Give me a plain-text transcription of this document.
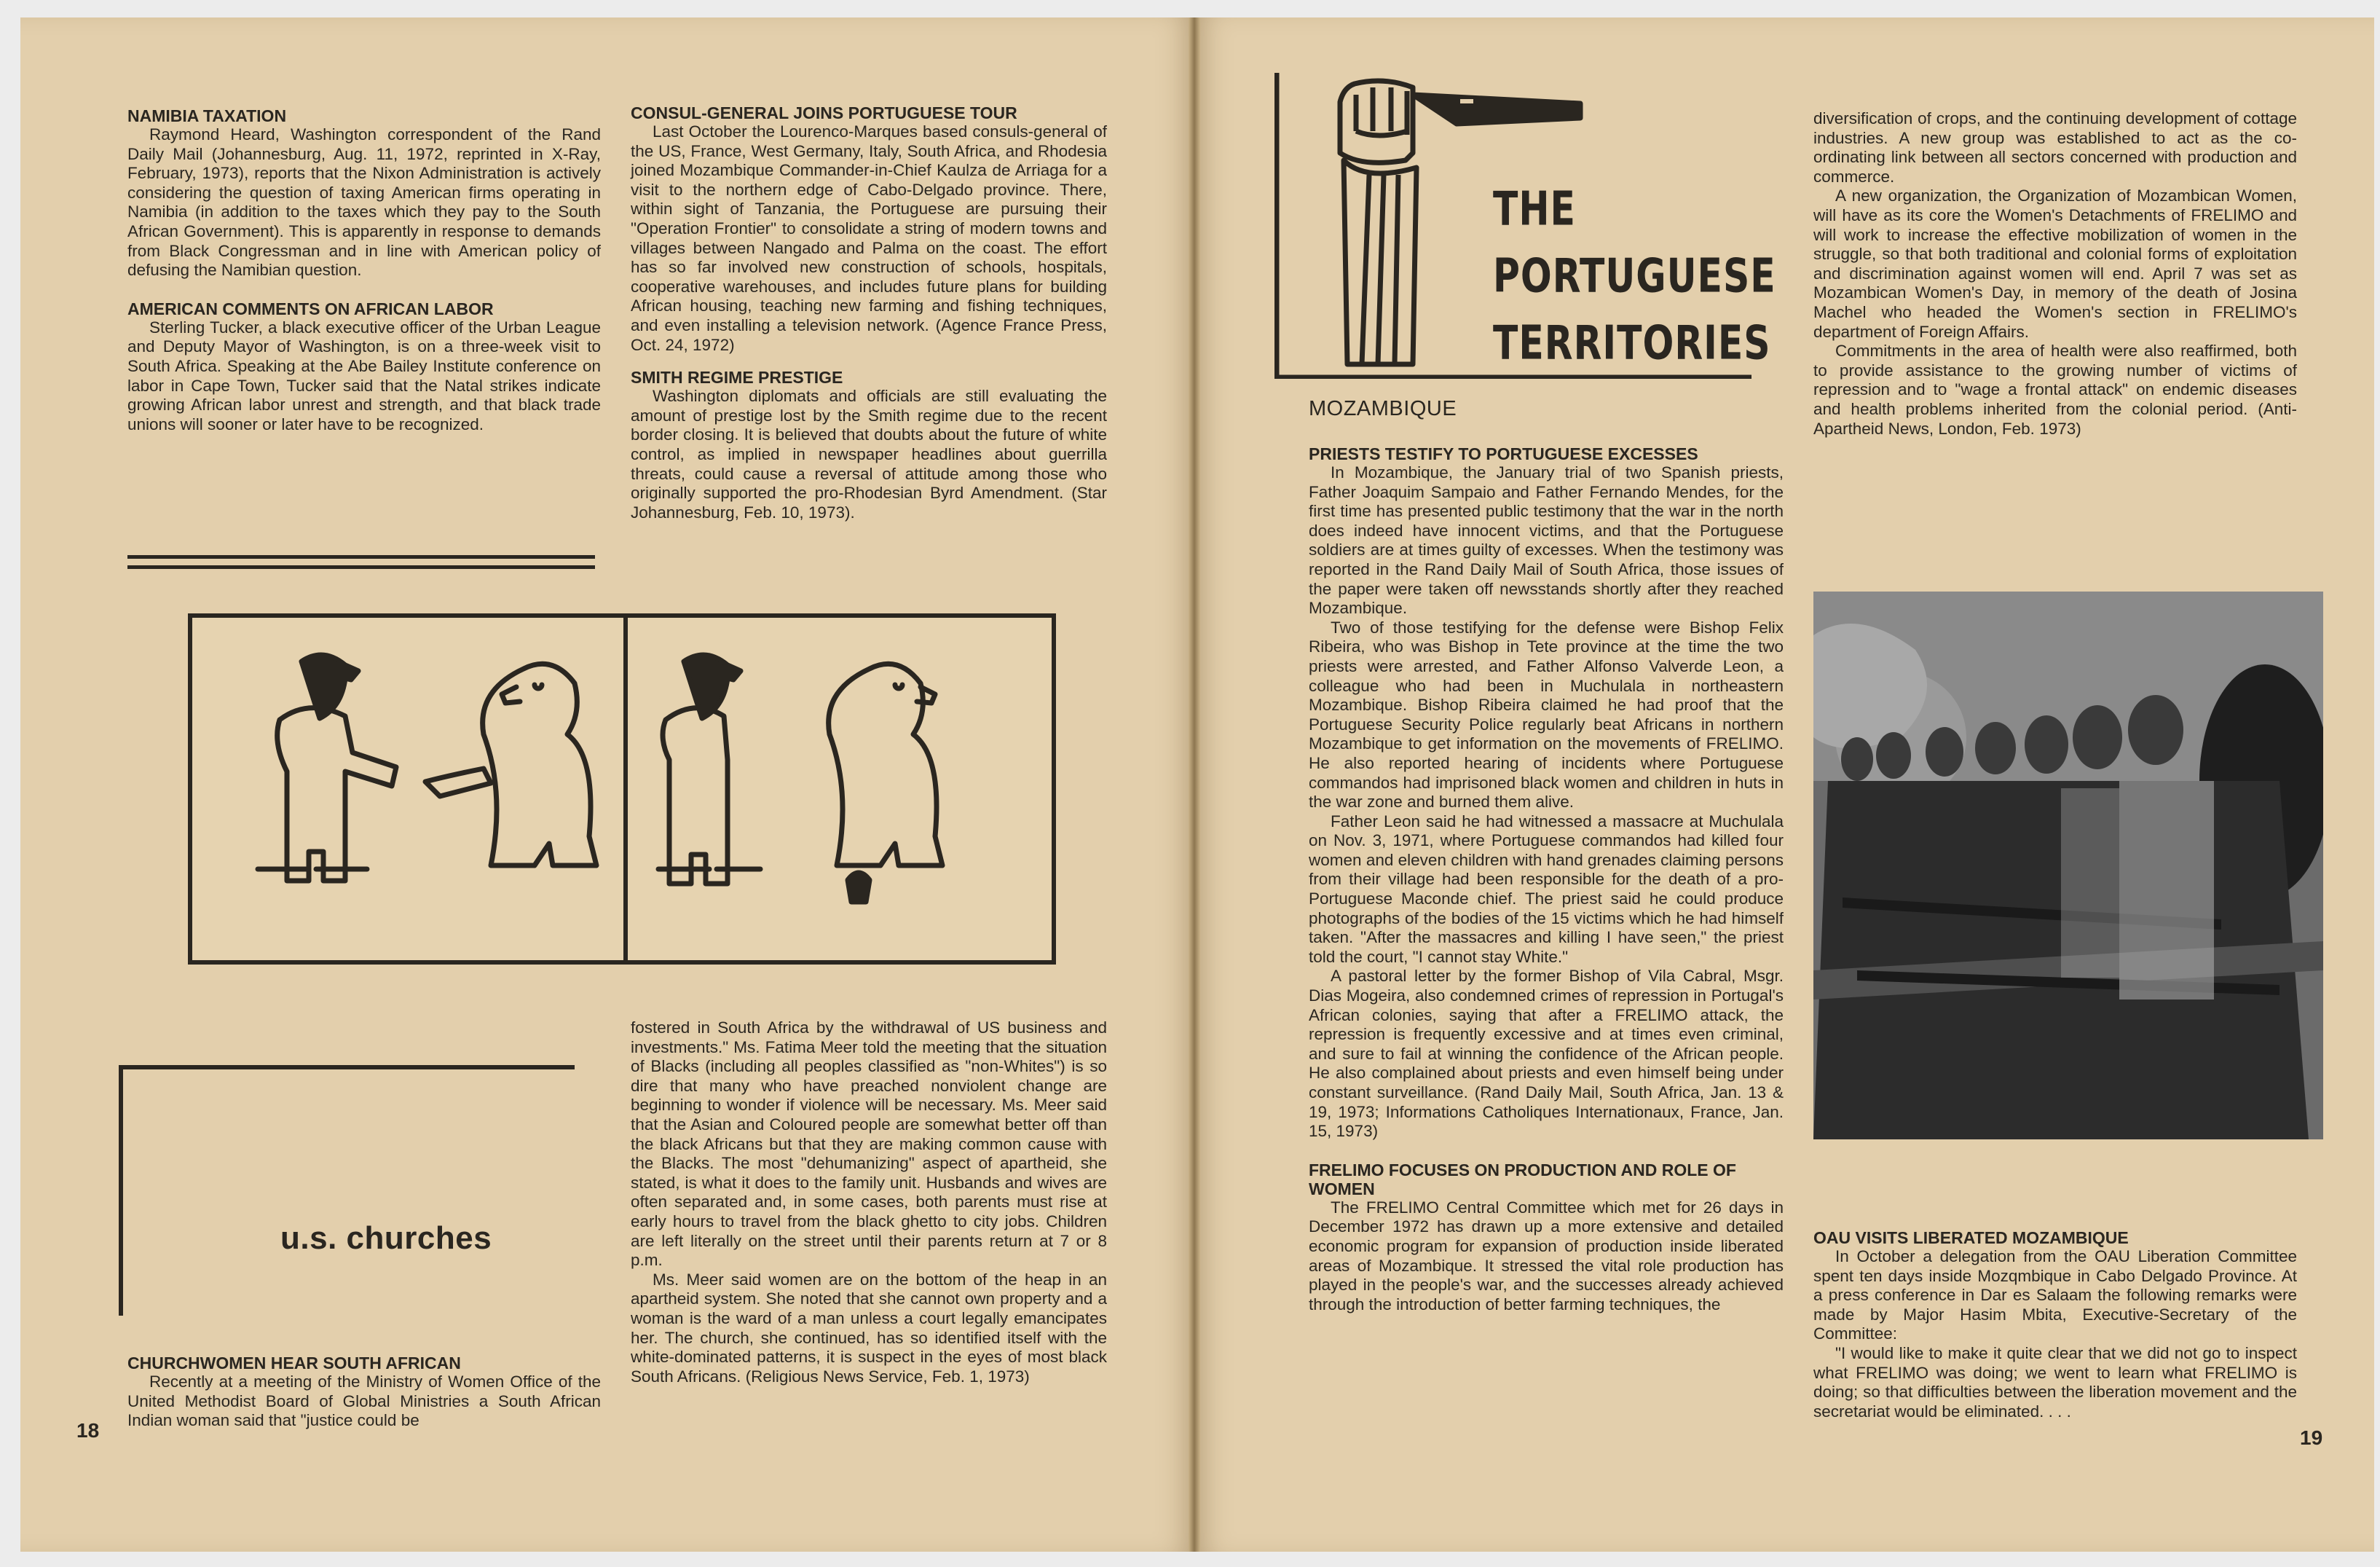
NAMIBIA TAXATION

Raymond Heard, Washington correspondent of the Rand Daily Mail (Johannesburg, Aug. 11, 1972, reprinted in X-Ray, February, 1973), reports that the Nixon Administration is actively considering the question of taxing American firms operating in Namibia (in addition to the taxes which they pay to the South African Government). This is apparently in response to demands from Black Congressman and in line with American policy of defusing the Namibian question.

AMERICAN COMMENTS ON AFRICAN LABOR

Sterling Tucker, a black executive officer of the Urban League and Deputy Mayor of Washington, is on a three-week visit to South Africa. Speaking at the Abe Bailey Institute conference on labor in Cape Town, Tucker said that the Natal strikes indicate growing African labor unrest and strength, and that black trade unions will sooner or later have to be recognized.

CONSUL-GENERAL JOINS PORTUGUESE TOUR

Last October the Lourenco-Marques based consuls-general of the US, France, West Germany, Italy, South Africa, and Rhodesia joined Mozambique Commander-in-Chief Kaulza de Arriaga for a visit to the northern edge of Cabo-Delgado province. There, within sight of Tanzania, the Portuguese are pursuing their "Operation Frontier" to consolidate a string of modern towns and villages between Nangado and Palma on the coast. The effort has so far involved new construction of schools, hospitals, cooperative warehouses, and includes future plans for building African housing, teaching new farming and fishing techniques, and even installing a television network. (Agence France Press, Oct. 24, 1972)

SMITH REGIME PRESTIGE

Washington diplomats and officials are still evaluating the amount of prestige lost by the Smith regime due to the recent border closing. It is believed that doubts about the future of white control, as implied in newspaper headlines about guerrilla threats, could cause a reversal of attitude among those who originally supported the pro-Rhodesian Byrd Amendment. (Star Johannesburg, Feb. 10, 1973).

u.s. churches
CHURCHWOMEN HEAR SOUTH AFRICAN

Recently at a meeting of the Ministry of Women Office of the United Methodist Board of Global Ministries a South African Indian woman said that "justice could be

fostered in South Africa by the withdrawal of US business and investments." Ms. Fatima Meer told the meeting that the situation of Blacks (including all peoples classified as "non-Whites") is so dire that many who have preached nonviolent change are beginning to wonder if violence will be necessary. Ms. Meer said that the Asian and Coloured people are somewhat better off than the black Africans but that they are making common cause with the Blacks. The most "dehumanizing" aspect of apartheid, she stated, is what it does to the family unit. Husbands and wives are often separated and, in some cases, both parents must rise at early hours to travel from the black ghetto to city jobs. Children are left literally on the street until their parents return at 7 or 8 p.m.

Ms. Meer said women are on the bottom of the heap in an apartheid system. She noted that she cannot own property and a woman is the ward of a man unless a court legally emancipates her. The church, she continued, has so identified itself with the white-dominated patterns, it is suspect in the eyes of most black South Africans. (Religious News Service, Feb. 1, 1973)

18
THE
PORTUGUESE
TERRITORIES
MOZAMBIQUE
PRIESTS TESTIFY TO PORTUGUESE EXCESSES

In Mozambique, the January trial of two Spanish priests, Father Joaquim Sampaio and Father Fernando Mendes, for the first time has presented public testimony that the war in the north does indeed have innocent victims, and that the Portuguese soldiers are at times guilty of excesses. When the testimony was reported in the Rand Daily Mail of South Africa, those issues of the paper were taken off newsstands shortly after they reached Mozambique.

Two of those testifying for the defense were Bishop Felix Ribeira, who was Bishop in Tete province at the time the two priests were arrested, and Father Alfonso Valverde Leon, a colleague who had been in Muchulala in northeastern Mozambique. Bishop Ribeira claimed he had proof that the Portuguese Security Police regularly beat Africans in northern Mozambique to get information on the movements of FRELIMO. He also reported hearing of incidents where Portuguese commandos had imprisoned black women and children in huts in the war zone and burned them alive.

Father Leon said he had witnessed a massacre at Muchulala on Nov. 3, 1971, where Portuguese commandos had killed four women and eleven children with hand grenades claiming persons from their village had been responsible for the death of a pro-Portuguese Maconde chief. The priest said he could produce photographs of the bodies of the 15 victims which he had himself taken. "After the massacres and killing I have seen," the priest told the court, "I cannot stay White."

A pastoral letter by the former Bishop of Vila Cabral, Msgr. Dias Mogeira, also condemned crimes of repression in Portugal's African colonies, saying that after a FRELIMO attack, the repression is frequently excessive and at times even criminal, and sure to fail at winning the confidence of the African people. He also complained about priests and even himself being under constant surveillance. (Rand Daily Mail, South Africa, Jan. 13 & 19, 1973; Informations Catholiques Internationaux, France, Jan. 15, 1973)

FRELIMO FOCUSES ON PRODUCTION AND ROLE OF WOMEN

The FRELIMO Central Committee which met for 26 days in December 1972 has drawn up a more extensive and detailed economic program for expansion of production inside liberated areas of Mozambique. It stressed the vital role production has played in the people's war, and the successes already achieved through the introduction of better farming techniques, the

diversification of crops, and the continuing development of cottage industries. A new group was established to act as the co-ordinating link between all sectors concerned with production and commerce.

A new organization, the Organization of Mozambican Women, will have as its core the Women's Detachments of FRELIMO and will work to increase the effective mobilization of women in the struggle, so that both traditional and colonial forms of exploitation and discrimination against women will end. April 7 was set as Mozambican Women's Day, in memory of the death of Josina Machel who headed the Women's section in FRELIMO's department of Foreign Affairs.

Commitments in the area of health were also reaffirmed, both to provide assistance to the growing number of victims of repression and to "wage a frontal attack" on endemic diseases and health problems inherited from the colonial period. (Anti-Apartheid News, London, Feb. 1973)

OAU VISITS LIBERATED MOZAMBIQUE

In October a delegation from the OAU Liberation Committee spent ten days inside Mozqmbique in Cabo Delgado Province. At a press conference in Dar es Salaam the following remarks were made by Major Hasim Mbita, Executive-Secretary of the Committee:

"I would like to make it quite clear that we did not go to inspect what FRELIMO was doing; we went to learn what FRELIMO is doing; so that difficulties between the liberation movement and the secretariat would be eliminated. . . .

19
